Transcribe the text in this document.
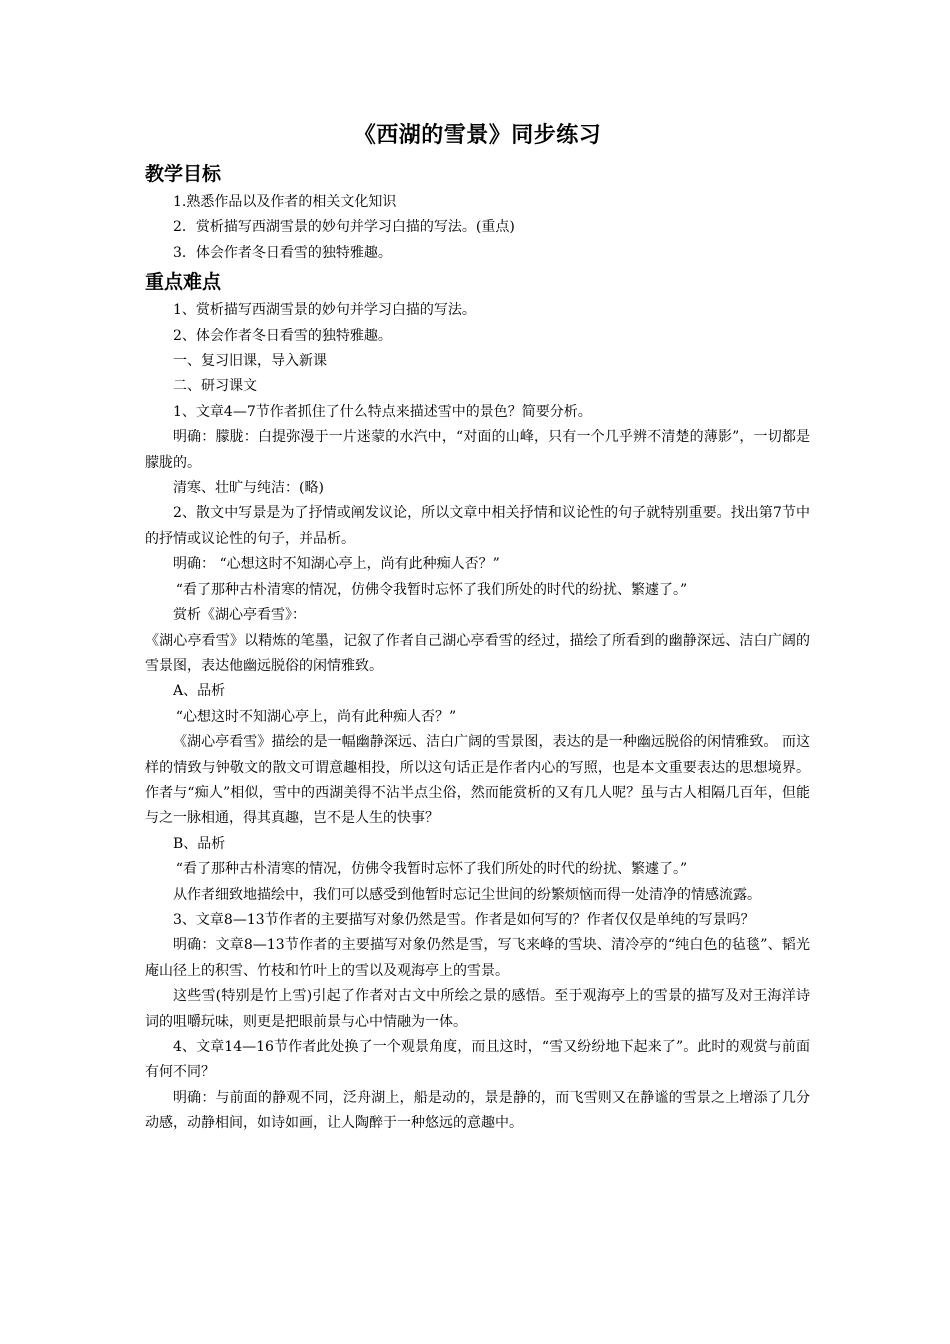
《西湖的雪景》同步练习
教学目标

1.熟悉作品以及作者的相关文化知识

2．赏析描写西湖雪景的妙句并学习白描的写法。(重点)

3．体会作者冬日看雪的独特雅趣。

重点难点

1、赏析描写西湖雪景的妙句并学习白描的写法。

2、体会作者冬日看雪的独特雅趣。

一、复习旧课，导入新课

二、研习课文

1、文章4—7节作者抓住了什么特点来描述雪中的景色？简要分析。

明确：朦胧：白提弥漫于一片迷蒙的水汽中，“对面的山峰，只有一个几乎辨不清楚的薄影”，一切都是朦胧的。

清寒、壮旷与纯洁：(略)

2、散文中写景是为了抒情或阐发议论，所以文章中相关抒情和议论性的句子就特别重要。找出第7节中的抒情或议论性的句子，并品析。

明确： “心想这时不知湖心亭上，尚有此种痴人否？”

“看了那种古朴清寒的情况，仿佛令我暂时忘怀了我们所处的时代的纷扰、繁遽了。”

赏析《湖心亭看雪》：

《湖心亭看雪》以精炼的笔墨，记叙了作者自己湖心亭看雪的经过，描绘了所看到的幽静深远、洁白广阔的雪景图，表达他幽远脱俗的闲情雅致。

A、品析

“心想这时不知湖心亭上，尚有此种痴人否？”

《湖心亭看雪》描绘的是一幅幽静深远、洁白广阔的雪景图，表达的是一种幽远脱俗的闲情雅致。 而这样的情致与钟敬文的散文可谓意趣相投，所以这句话正是作者内心的写照，也是本文重要表达的思想境界。作者与“痴人”相似，雪中的西湖美得不沾半点尘俗，然而能赏析的又有几人呢？虽与古人相隔几百年，但能与之一脉相通，得其真趣，岂不是人生的快事？

B、品析

“看了那种古朴清寒的情况，仿佛令我暂时忘怀了我们所处的时代的纷扰、繁遽了。”

从作者细致地描绘中，我们可以感受到他暂时忘记尘世间的纷繁烦恼而得一处清净的情感流露。

3、文章8—13节作者的主要描写对象仍然是雪。作者是如何写的？作者仅仅是单纯的写景吗？

明确：文章8—13节作者的主要描写对象仍然是雪，写飞来峰的雪块、清冷亭的“纯白色的毡毯”、韬光庵山径上的积雪、竹枝和竹叶上的雪以及观海亭上的雪景。

这些雪(特别是竹上雪)引起了作者对古文中所绘之景的感悟。至于观海亭上的雪景的描写及对王海洋诗词的咀嚼玩味，则更是把眼前景与心中情融为一体。

4、文章14—16节作者此处换了一个观景角度，而且这时，“雪又纷纷地下起来了”。此时的观赏与前面有何不同？

明确：与前面的静观不同，泛舟湖上，船是动的，景是静的，而飞雪则又在静谧的雪景之上增添了几分动感，动静相间，如诗如画，让人陶醉于一种悠远的意趣中。
